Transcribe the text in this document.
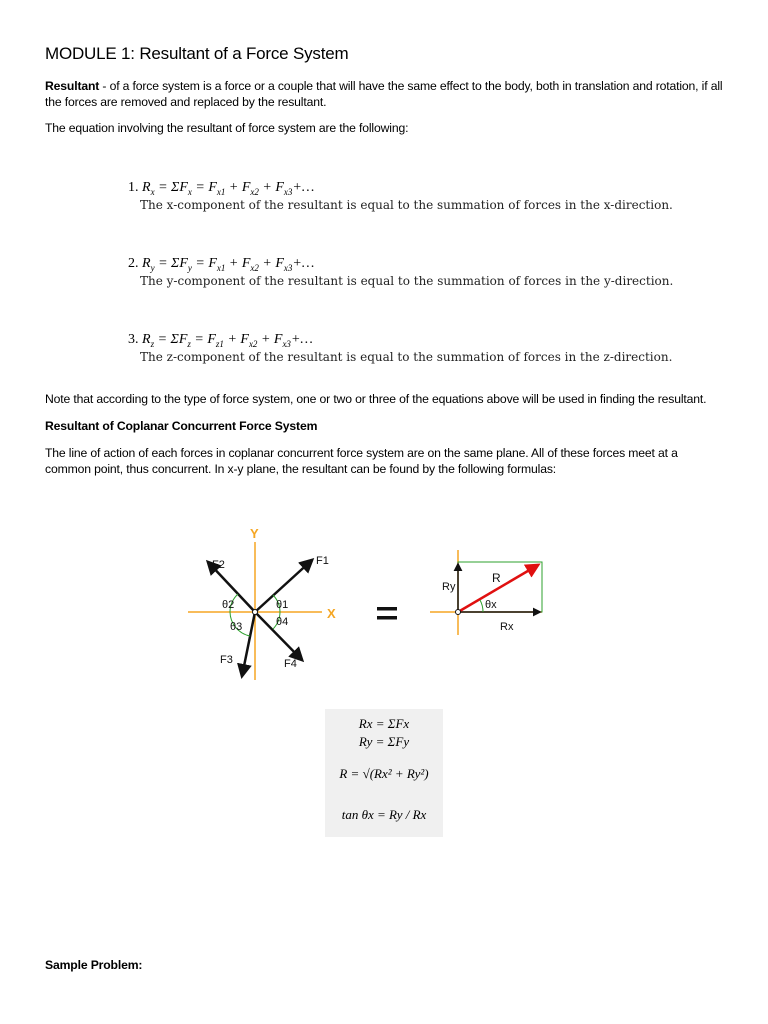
MODULE 1: Resultant of a Force System
Resultant - of a force system is a force or a couple that will have the same effect to the body, both in translation and rotation, if all the forces are removed and replaced by the resultant.
The equation involving the resultant of force system are the following:
1. $R_x = \Sigma F_x = F_{x1} + F_{x2}$ + $F_{x3}+\dots$
The x-component of the resultant is equal to the summation of forces in the x-direction.
2. $R_y = \Sigma F_y = F_{x1} + F_{x2}$ + $F_{x3}+\dots$
The y-component of the resultant is equal to the summation of forces in the y-direction.
3. $R_z = \Sigma F_z = F_{z1} + F_{x2}$ + $F_{x3}+\dots$
The z-component of the resultant is equal to the summation of forces in the z-direction.
Note that according to the type of force system, one or two or three of the equations above will be used in finding the resultant.
Resultant of Coplanar Concurrent Force System
The line of action of each forces in coplanar concurrent force system are on the same plane. All of these forces meet at a common point, thus concurrent. In x-y plane, the resultant can be found by the following formulas:
Y
X
F1
F2
F3	F4
θ1
θ2
θ3	θ4
R
Ry
Rx
θx
Rx = ΣFx
Ry = ΣFy
R = √(Rx² + Ry²)
tan θx = Ry / Rx
Sample Problem:
